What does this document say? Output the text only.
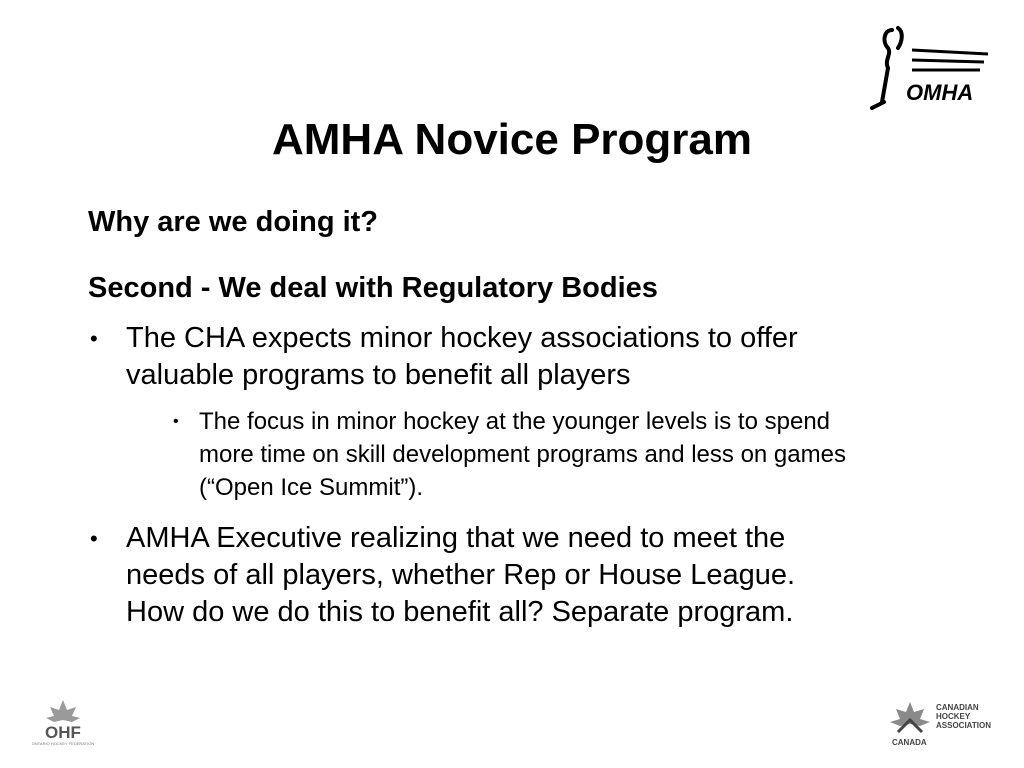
OMHA
AMHA Novice Program

Why are we doing it?

Second - We deal with Regulatory Bodies

• The CHA expects minor hockey associations to offer
valuable programs to benefit all players
• The focus in minor hockey at the younger levels is to spend
more time on skill development programs and less on games
(“Open Ice Summit”).
• AMHA Executive realizing that we need to meet the
needs of all players, whether Rep or House League.
How do we do this to benefit all? Separate program.
OHF
ONTARIO HOCKEY FEDERATION
CANADIAN
HOCKEY
ASSOCIATION
CANADA
